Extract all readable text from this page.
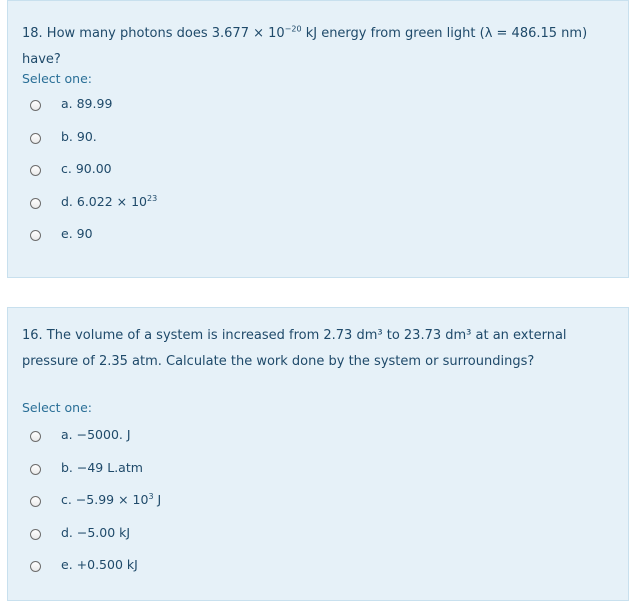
18. How many photons does $3.677 \times 10^{-20}$ kJ energy from green light (λ = 486.15 nm) have?
Select one:
a. 89.99
b. 90.
c. 90.00
d. $6.022 \times 10^{23}$
e. 90
16. The volume of a system is increased from 2.73 dm³ to 23.73 dm³ at an external pressure of 2.35 atm. Calculate the work done by the system or surroundings?
Select one:
a. −5000. J
b. −49 L.atm
c. $-5.99 \times 10^3$ J
d. −5.00 kJ
e. +0.500 kJ
